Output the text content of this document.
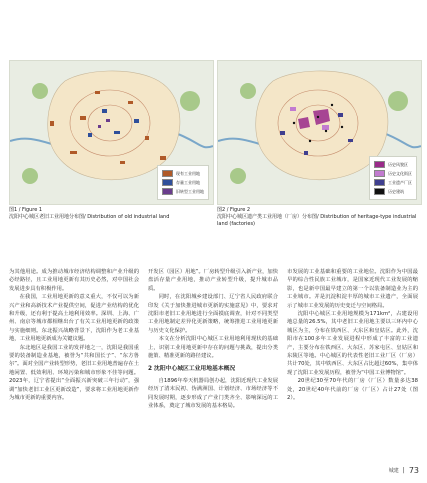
现有工业用地
存量工业用地
旧转型工业用地
历史风貌区
历史文化街区
工业遗产厂区
历史建筑
图1 / Figure 1
沈阳中心城区老旧工业用地分布图/ Distribution of old industrial land
图2 / Figure 2
沈阳中心城区遗产类工业用地（厂房）分布图/ Distribution of heritage-type industrial land (factories)

为其他用途。成为推动城市经济结构调整和产业升级的必经路径，且工业用地更新有其历史必然，对中国社会发展进步具有积极作用。

在我国，工业用地更新的意义重大，不仅可以为新兴产业和高新技术产业提供空间，促进产业结构的优化和升级，还有利于提高土地利用效率。深圳、上海、广州、南京等城市都相继出台了有关工业用地更新的政策与实施细则。东北振兴战略背景下，沈阳作为老工业基地，工业用地更新成为关键议题。

东北地区是我国工业的发祥地之一，沈阳是我国重要的装备制造业基地，被誉为“共和国长子”、“东方鲁尔”。面对全国产业转型形势，老旧工业用地普遍存在土地闲置、低效利用、环境污染和城市形象不佳等问题。2023年，辽宁省提出“全面振兴新突破三年行动”，强调“加快老旧工业区更新改造”，要求将工业用地更新作为城市更新的重要内容。

开发区（园区）用地”。厂房转型升级引入新产业，加快盘活存量产业用地，推动产业转型升级，提升城市品质。

同时，在沈阳城乡建设部门、辽宁省人民政府联合印发《关于加快推进城市更新的实施意见》中，要求对沈阳市老旧工业用地进行全面摸底调查，针对不同类型工业用地制定差异化更新策略，统筹推进工业用地更新与历史文化保护。

本文在分析沈阳中心城区工业用地利用现状的基础上，识别工业用地更新中存在的问题与挑战，提出分类施策、精准更新的路径建议。

2 沈阳中心城区工业用地基本概况

自1896年奉天机器局创办起，沈阳近现代工业发展经历了清末民初、伪满洲国、计划经济、市场经济等不同发展时期，逐步形成了产业门类齐全、影响深远的工业体系，奠定了城市发展的基本格局。

市发展的工业基础和重要的工业地位。沈阳作为中国最早的综合性民族工业城市，是国家近现代工业发展的缩影，也是新中国最早建立的第一个以装备制造业为主的工业城市。并是沉淀积淀丰厚的城市工业遗产，全面展示了城市工业发展的历史变迁与空间格局。

沈阳中心城区工业用地规模为171km²，占建设用地总量的26.5%，其中老旧工业用地主要以三环内中心城区为主，分布在铁西区、大东区和皇姑区。此外，沈阳市在100多年工业发展进程中形成了丰富的工业遗产，主要分布在铁西区、大东区、苏家屯区、皇姑区和东陵区等地。中心城区的代表性老旧工业厂区（厂房）共计70处，其中铁西区、大东区占比超过60%，集中体现了沈阳工业发展历程，被誉为“中国工业博物馆”。

20世纪30至70年代的厂房（厂区）数量多达38处，20世纪40年代前的厂房（厂区）占计27处（图2）。

城建 | 73
